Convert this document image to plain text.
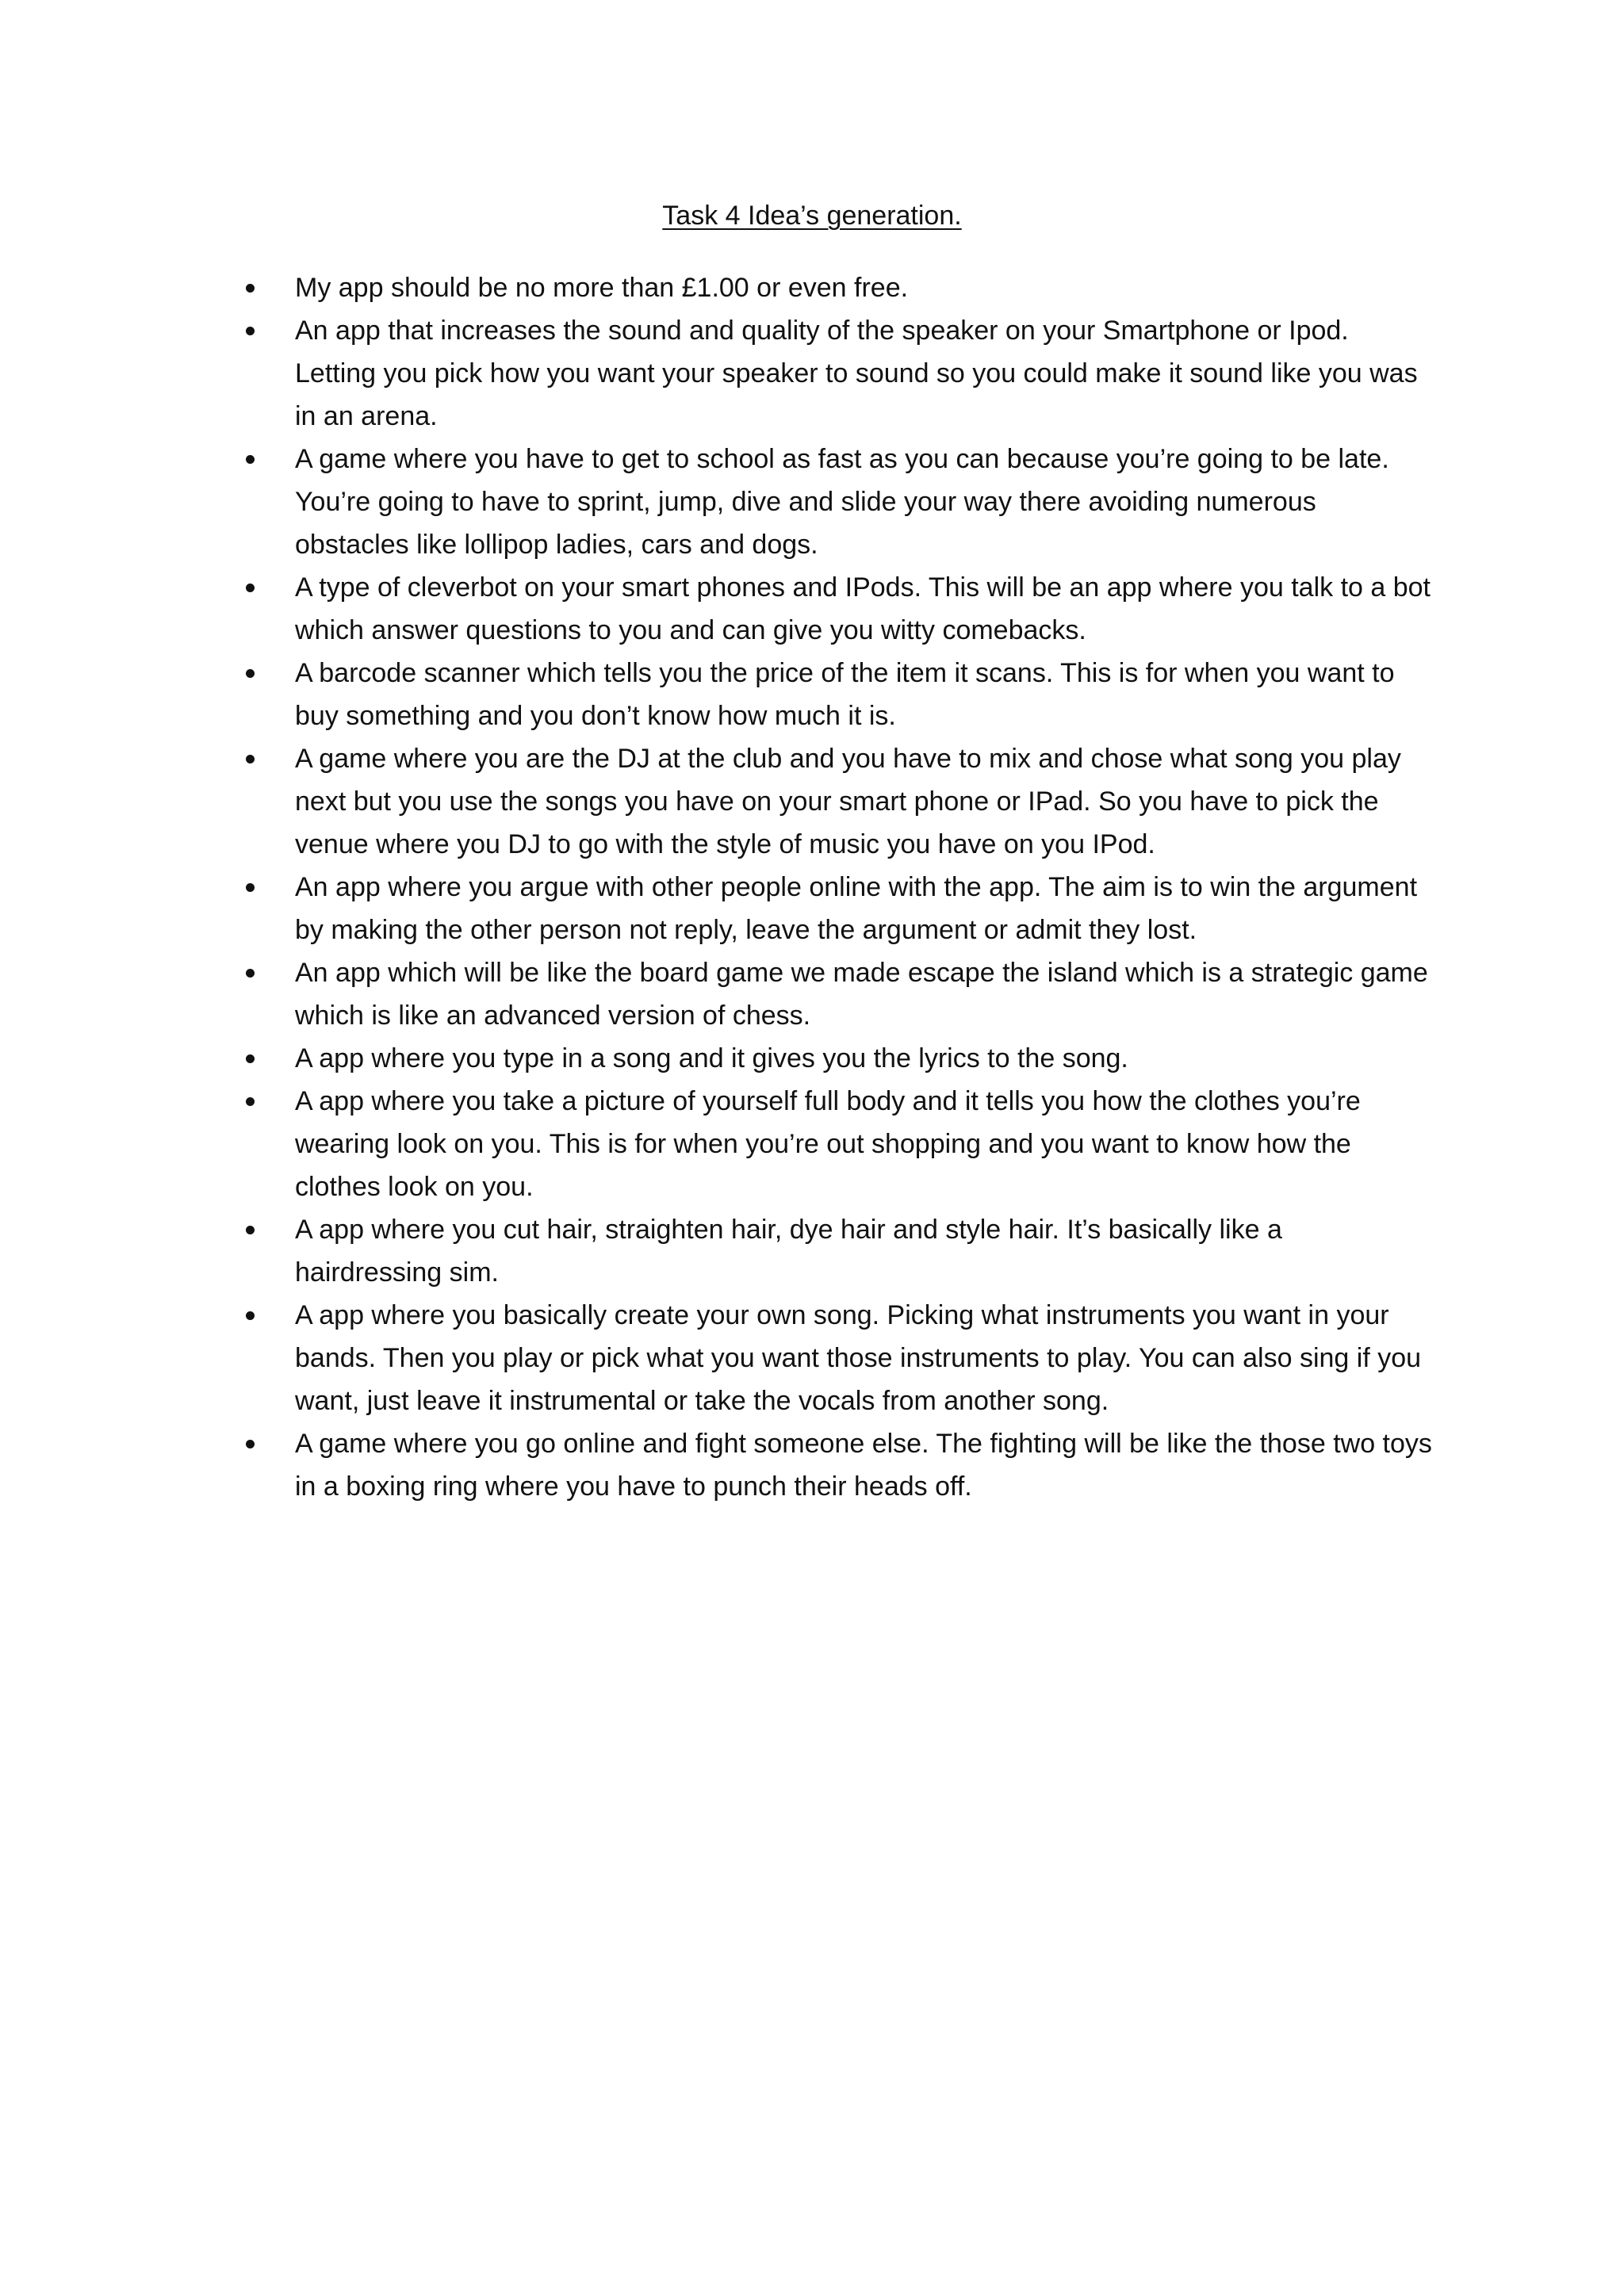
Task 4 Idea’s generation.
My app should be no more than £1.00 or even free.
An app that increases the sound and quality of the speaker on your Smartphone or Ipod. Letting you pick how you want your speaker to sound so you could make it sound like you was in an arena.
A game where you have to get to school as fast as you can because you’re going to be late. You’re going to have to sprint, jump, dive and slide your way there avoiding numerous obstacles like lollipop ladies, cars and dogs.
A type of cleverbot on your smart phones and IPods. This will be an app where you talk to a bot which answer questions to you and can give you witty comebacks.
A barcode scanner which tells you the price of the item it scans. This is for when you want to buy something and you don’t know how much it is.
A game where you are the DJ at the club and you have to mix and chose what song you play next but you use the songs you have on your smart phone or IPad. So you have to pick the venue where you DJ to go with the style of music you have on you IPod.
An app where you argue with other people online with the app. The aim is to win the argument by making the other person not reply, leave the argument or admit they lost.
An app which will be like the board game we made escape the island which is a strategic game which is like an advanced version of chess.
A app where you type in a song and it gives you the lyrics to the song.
A app where you take a picture of yourself full body and it tells you how the clothes you’re wearing look on you. This is for when you’re out shopping and you want to know how the clothes look on you.
A app where you cut hair, straighten hair, dye hair and style hair. It’s basically like a hairdressing sim.
A app where you basically create your own song. Picking what instruments you want in your bands. Then you play or pick what you want those instruments to play. You can also sing if you want, just leave it instrumental or take the vocals from another song.
A game where you go online and fight someone else. The fighting will be like the those two toys in a boxing ring where you have to punch their heads off.
